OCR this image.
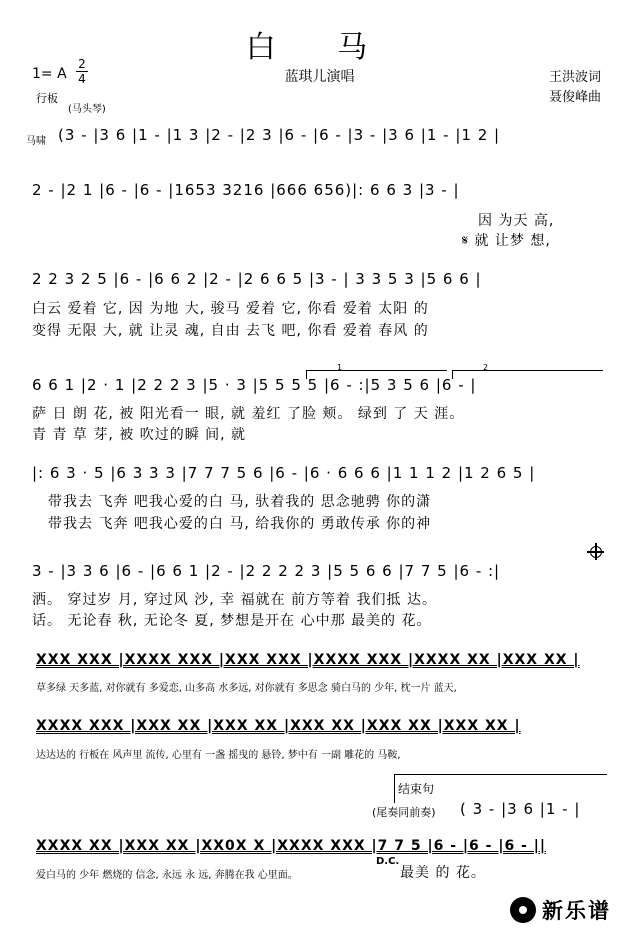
白 马
蓝琪儿演唱
1= A
2
4
行板
(马头琴)
王洪波词
聂俊峰曲
马啸 (3 - |3 6 |1 - |1 3 |2 - |2 3 |6 - |6 - |3 - |3 6 |1 - |1 2 |
2 - |2 1 |6 - |6 - |1653 3216 |666 656)|: 6 6 3 |3 - |
因 为天 高,
𝄋 就 让梦 想,
2 2 3 2 5 |6 - |6 6 2 |2 - |2 6 6 5 |3 - | 3 3 5 3 |5 6 6 |
白云 爱着 它, 因 为地 大, 骏马 爱着 它, 你看 爱着 太阳 的
变得 无限 大, 就 让灵 魂, 自由 去飞 吧, 你看 爱着 春风 的
1	2
6 6 1 |2 · 1 |2 2 2 3 |5 · 3 |5 5 5 5 |6 - :|5 3 5 6 |6 - |
萨 日 朗 花, 被 阳光看一 眼, 就 羞红 了脸 颊。 绿到 了 天 涯。
青 青 草 芽, 被 吹过的瞬 间, 就
|: 6 3 · 5 |6 3 3 3 |7 7 7 5 6 |6 - |6 · 6 6 6 |1 1 1 2 |1 2 6 5 |
带我去 飞奔 吧我心爱的白 马, 驮着我的 思念驰骋 你的潇
带我去 飞奔 吧我心爱的白 马, 给我你的 勇敢传承 你的神
3 - |3 3 6 |6 - |6 6 1 |2 - |2 2 2 2 3 |5 5 6 6 |7 7 5 |6 - :|
洒。 穿过岁 月, 穿过风 沙, 幸 福就在 前方等着 我们抵 达。
话。 无论春 秋, 无论冬 夏, 梦想是开在 心中那 最美的 花。
XXX XXX |XXXX XXX |XXX XXX |XXXX XXX |XXXX XX |XXX XX |
草多绿 天多蓝, 对你就有 多爱恋, 山多高 水多远, 对你就有 多思念 骑白马的 少年, 枕一片 蓝天,
XXXX XXX |XXX XX |XXX XX |XXX XX |XXX XX |XXX XX |
达达达的 行板在 风声里 流传, 心里有 一盏 摇曳的 悬铃, 梦中有 一副 雕花的 马鞍,
结束句
(尾奏同前奏) ( 3 - |3 6 |1 - |
XXXX XX |XXX XX |XX0X X |XXXX XXX |7 7 5 |6 - |6 - |6 - ||
D.C.
爱白马的 少年 燃烧的 信念, 永远 永 远, 奔腾在我 心里面。	最美 的 花。
新乐谱
